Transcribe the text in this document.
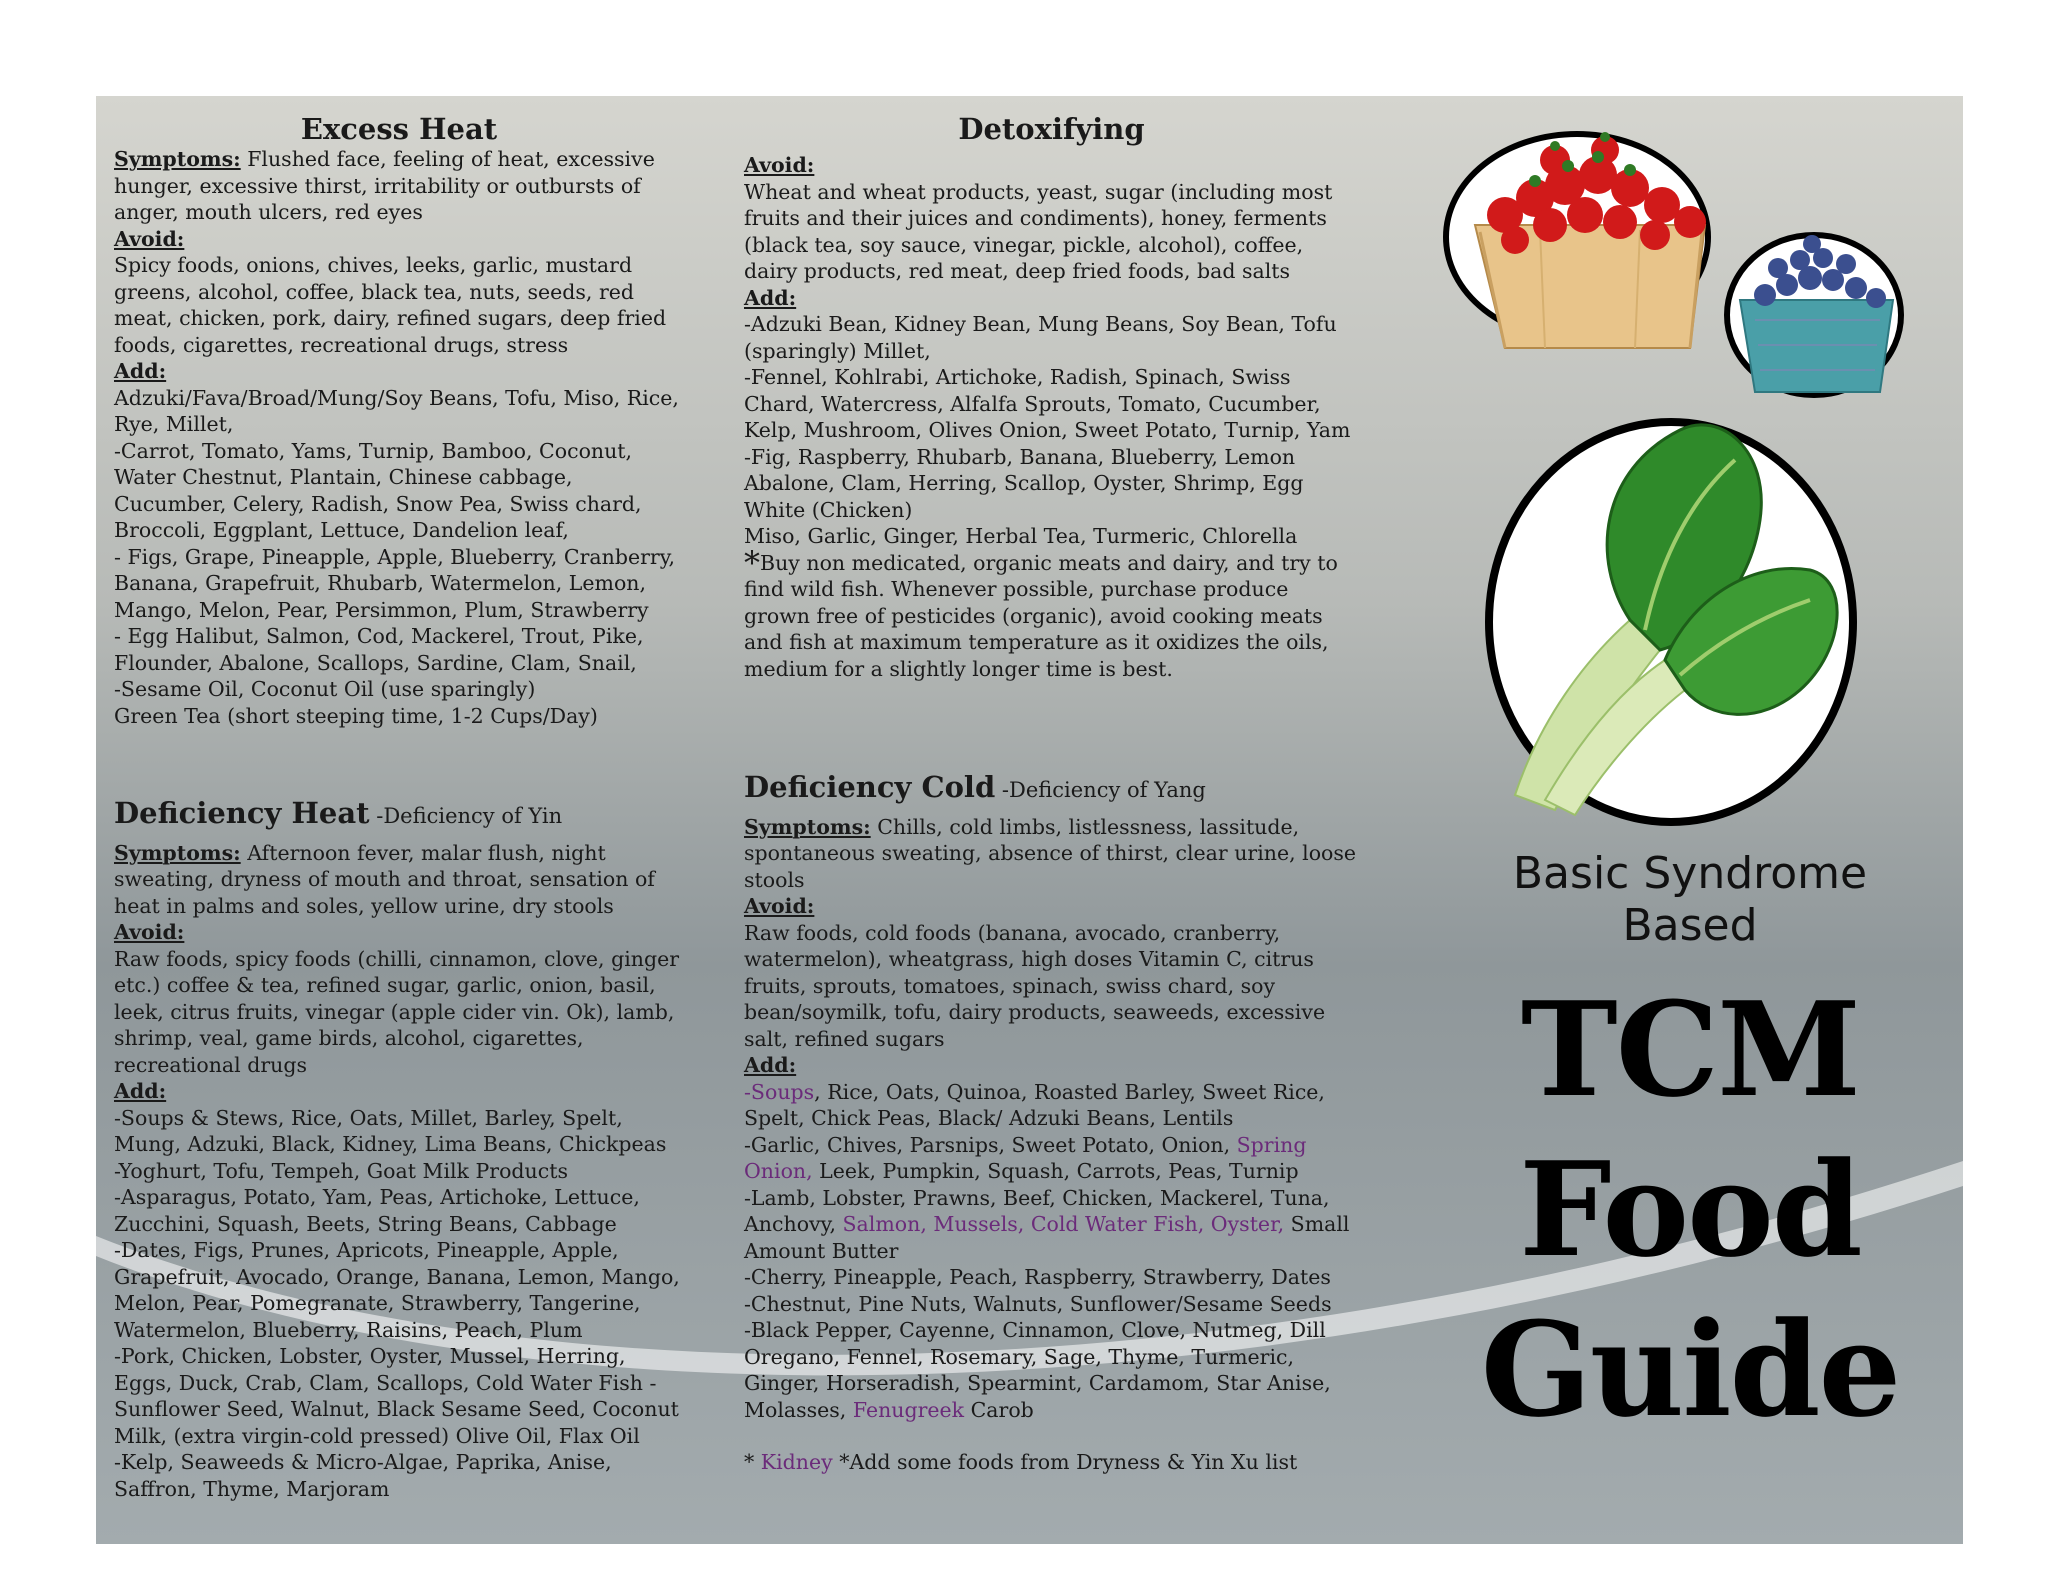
Excess Heat

Symptoms: Flushed face, feeling of heat, excessive hunger, excessive thirst, irritability or outbursts of anger, mouth ulcers, red eyes

Avoid:

Spicy foods, onions, chives, leeks, garlic, mustard greens, alcohol, coffee, black tea, nuts, seeds, red meat, chicken, pork, dairy, refined sugars, deep fried foods, cigarettes, recreational drugs, stress

Add:

Adzuki/Fava/Broad/Mung/Soy Beans, Tofu, Miso, Rice, Rye, Millet,

-Carrot, Tomato, Yams, Turnip, Bamboo, Coconut, Water Chestnut, Plantain, Chinese cabbage, Cucumber, Celery, Radish, Snow Pea, Swiss chard, Broccoli, Eggplant, Lettuce, Dandelion leaf,

- Figs, Grape, Pineapple, Apple, Blueberry, Cranberry, Banana, Grapefruit, Rhubarb, Watermelon, Lemon, Mango, Melon, Pear, Persimmon, Plum, Strawberry

- Egg Halibut, Salmon, Cod, Mackerel, Trout, Pike, Flounder, Abalone, Scallops, Sardine, Clam, Snail,

-Sesame Oil, Coconut Oil (use sparingly)

Green Tea (short steeping time, 1-2 Cups/Day)

Detoxifying

Avoid:

Wheat and wheat products, yeast, sugar (including most fruits and their juices and condiments), honey, ferments (black tea, soy sauce, vinegar, pickle, alcohol), coffee, dairy products, red meat, deep fried foods, bad salts

Add:

-Adzuki Bean, Kidney Bean, Mung Beans, Soy Bean, Tofu (sparingly) Millet,

-Fennel, Kohlrabi, Artichoke, Radish, Spinach, Swiss Chard, Watercress, Alfalfa Sprouts, Tomato, Cucumber, Kelp, Mushroom, Olives Onion, Sweet Potato, Turnip, Yam

-Fig, Raspberry, Rhubarb, Banana, Blueberry, Lemon Abalone, Clam, Herring, Scallop, Oyster, Shrimp, Egg White (Chicken)

Miso, Garlic, Ginger, Herbal Tea, Turmeric, Chlorella

*Buy non medicated, organic meats and dairy, and try to find wild fish. Whenever possible, purchase produce grown free of pesticides (organic), avoid cooking meats and fish at maximum temperature as it oxidizes the oils, medium for a slightly longer time is best.

Deficiency Heat -Deficiency of Yin

Symptoms: Afternoon fever, malar flush, night sweating, dryness of mouth and throat, sensation of heat in palms and soles, yellow urine, dry stools

Avoid:

Raw foods, spicy foods (chilli, cinnamon, clove, ginger etc.) coffee & tea, refined sugar, garlic, onion, basil, leek, citrus fruits, vinegar (apple cider vin. Ok), lamb, shrimp, veal, game birds, alcohol, cigarettes, recreational drugs

Add:

-Soups & Stews, Rice, Oats, Millet, Barley, Spelt, Mung, Adzuki, Black, Kidney, Lima Beans, Chickpeas

-Yoghurt, Tofu, Tempeh, Goat Milk Products

-Asparagus, Potato, Yam, Peas, Artichoke, Lettuce, Zucchini, Squash, Beets, String Beans, Cabbage

-Dates, Figs, Prunes, Apricots, Pineapple, Apple, Grapefruit, Avocado, Orange, Banana, Lemon, Mango, Melon, Pear, Pomegranate, Strawberry, Tangerine, Watermelon, Blueberry, Raisins, Peach, Plum

-Pork, Chicken, Lobster, Oyster, Mussel, Herring, Eggs, Duck, Crab, Clam, Scallops, Cold Water Fish - Sunflower Seed, Walnut, Black Sesame Seed, Coconut Milk, (extra virgin-cold pressed) Olive Oil, Flax Oil

-Kelp, Seaweeds & Micro-Algae, Paprika, Anise, Saffron, Thyme, Marjoram

Deficiency Cold -Deficiency of Yang

Symptoms: Chills, cold limbs, listlessness, lassitude, spontaneous sweating, absence of thirst, clear urine, loose stools

Avoid:

Raw foods, cold foods (banana, avocado, cranberry, watermelon), wheatgrass, high doses Vitamin C, citrus fruits, sprouts, tomatoes, spinach, swiss chard, soy bean/soymilk, tofu, dairy products, seaweeds, excessive salt, refined sugars

Add:

-Soups, Rice, Oats, Quinoa, Roasted Barley, Sweet Rice, Spelt, Chick Peas, Black/ Adzuki Beans, Lentils

-Garlic, Chives, Parsnips, Sweet Potato, Onion, Spring Onion, Leek, Pumpkin, Squash, Carrots, Peas, Turnip

-Lamb, Lobster, Prawns, Beef, Chicken, Mackerel, Tuna, Anchovy, Salmon, Mussels, Cold Water Fish, Oyster, Small Amount Butter

-Cherry, Pineapple, Peach, Raspberry, Strawberry, Dates

-Chestnut, Pine Nuts, Walnuts, Sunflower/Sesame Seeds

-Black Pepper, Cayenne, Cinnamon, Clove, Nutmeg, Dill Oregano, Fennel, Rosemary, Sage, Thyme, Turmeric, Ginger, Horseradish, Spearmint, Cardamom, Star Anise, Molasses, Fenugreek Carob

* Kidney *Add some foods from Dryness & Yin Xu list

Basic Syndrome Based
TCM
Food
Guide
